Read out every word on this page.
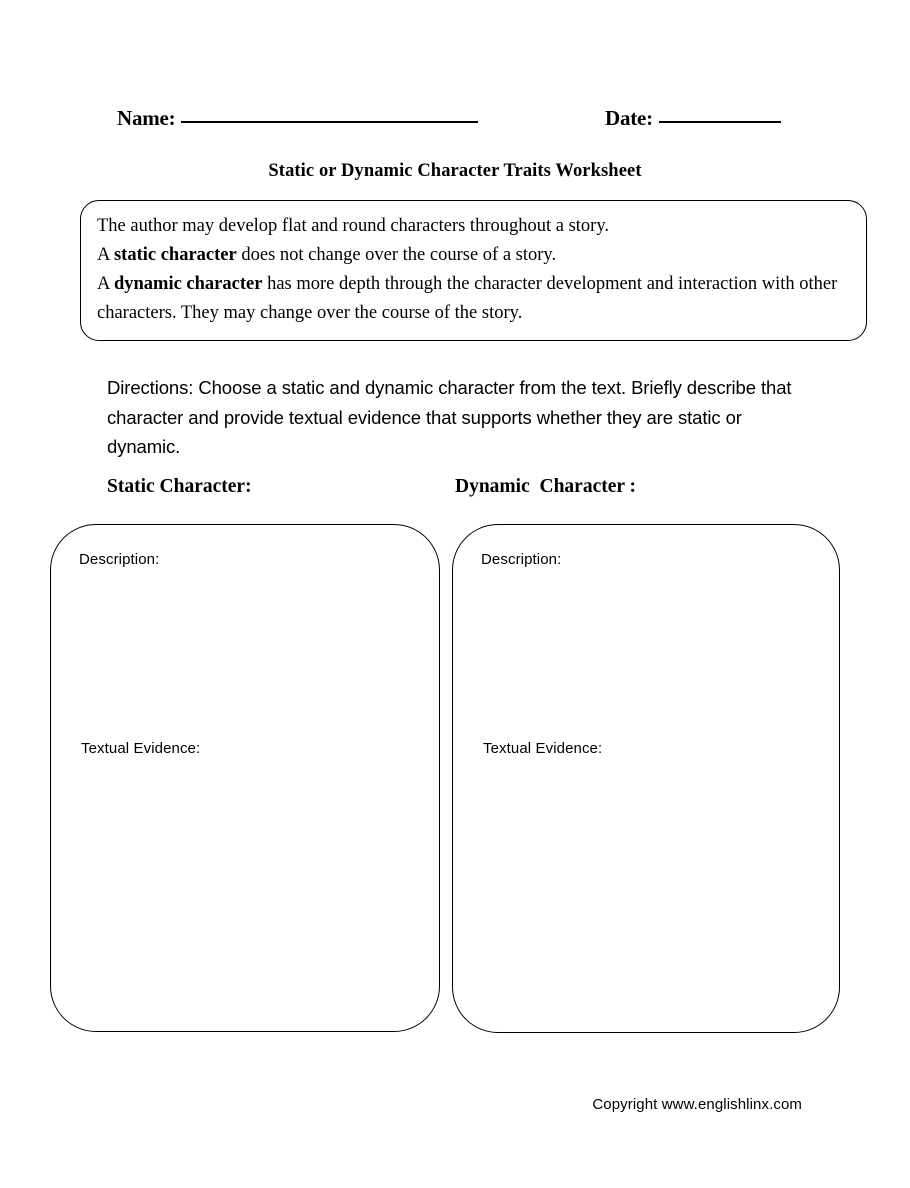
Name:	Date:
Static or Dynamic Character Traits Worksheet
The author may develop flat and round characters throughout a story.
A static character does not change over the course of a story.
A dynamic character has more depth through the character development and interaction with other characters. They may change over the course of the story.
Directions: Choose a static and dynamic character from the text. Briefly describe that character and provide textual evidence that supports whether they are static or dynamic.
Static Character:	Dynamic  Character :
Description:
Textual Evidence:
Description:
Textual Evidence:
Copyright www.englishlinx.com
